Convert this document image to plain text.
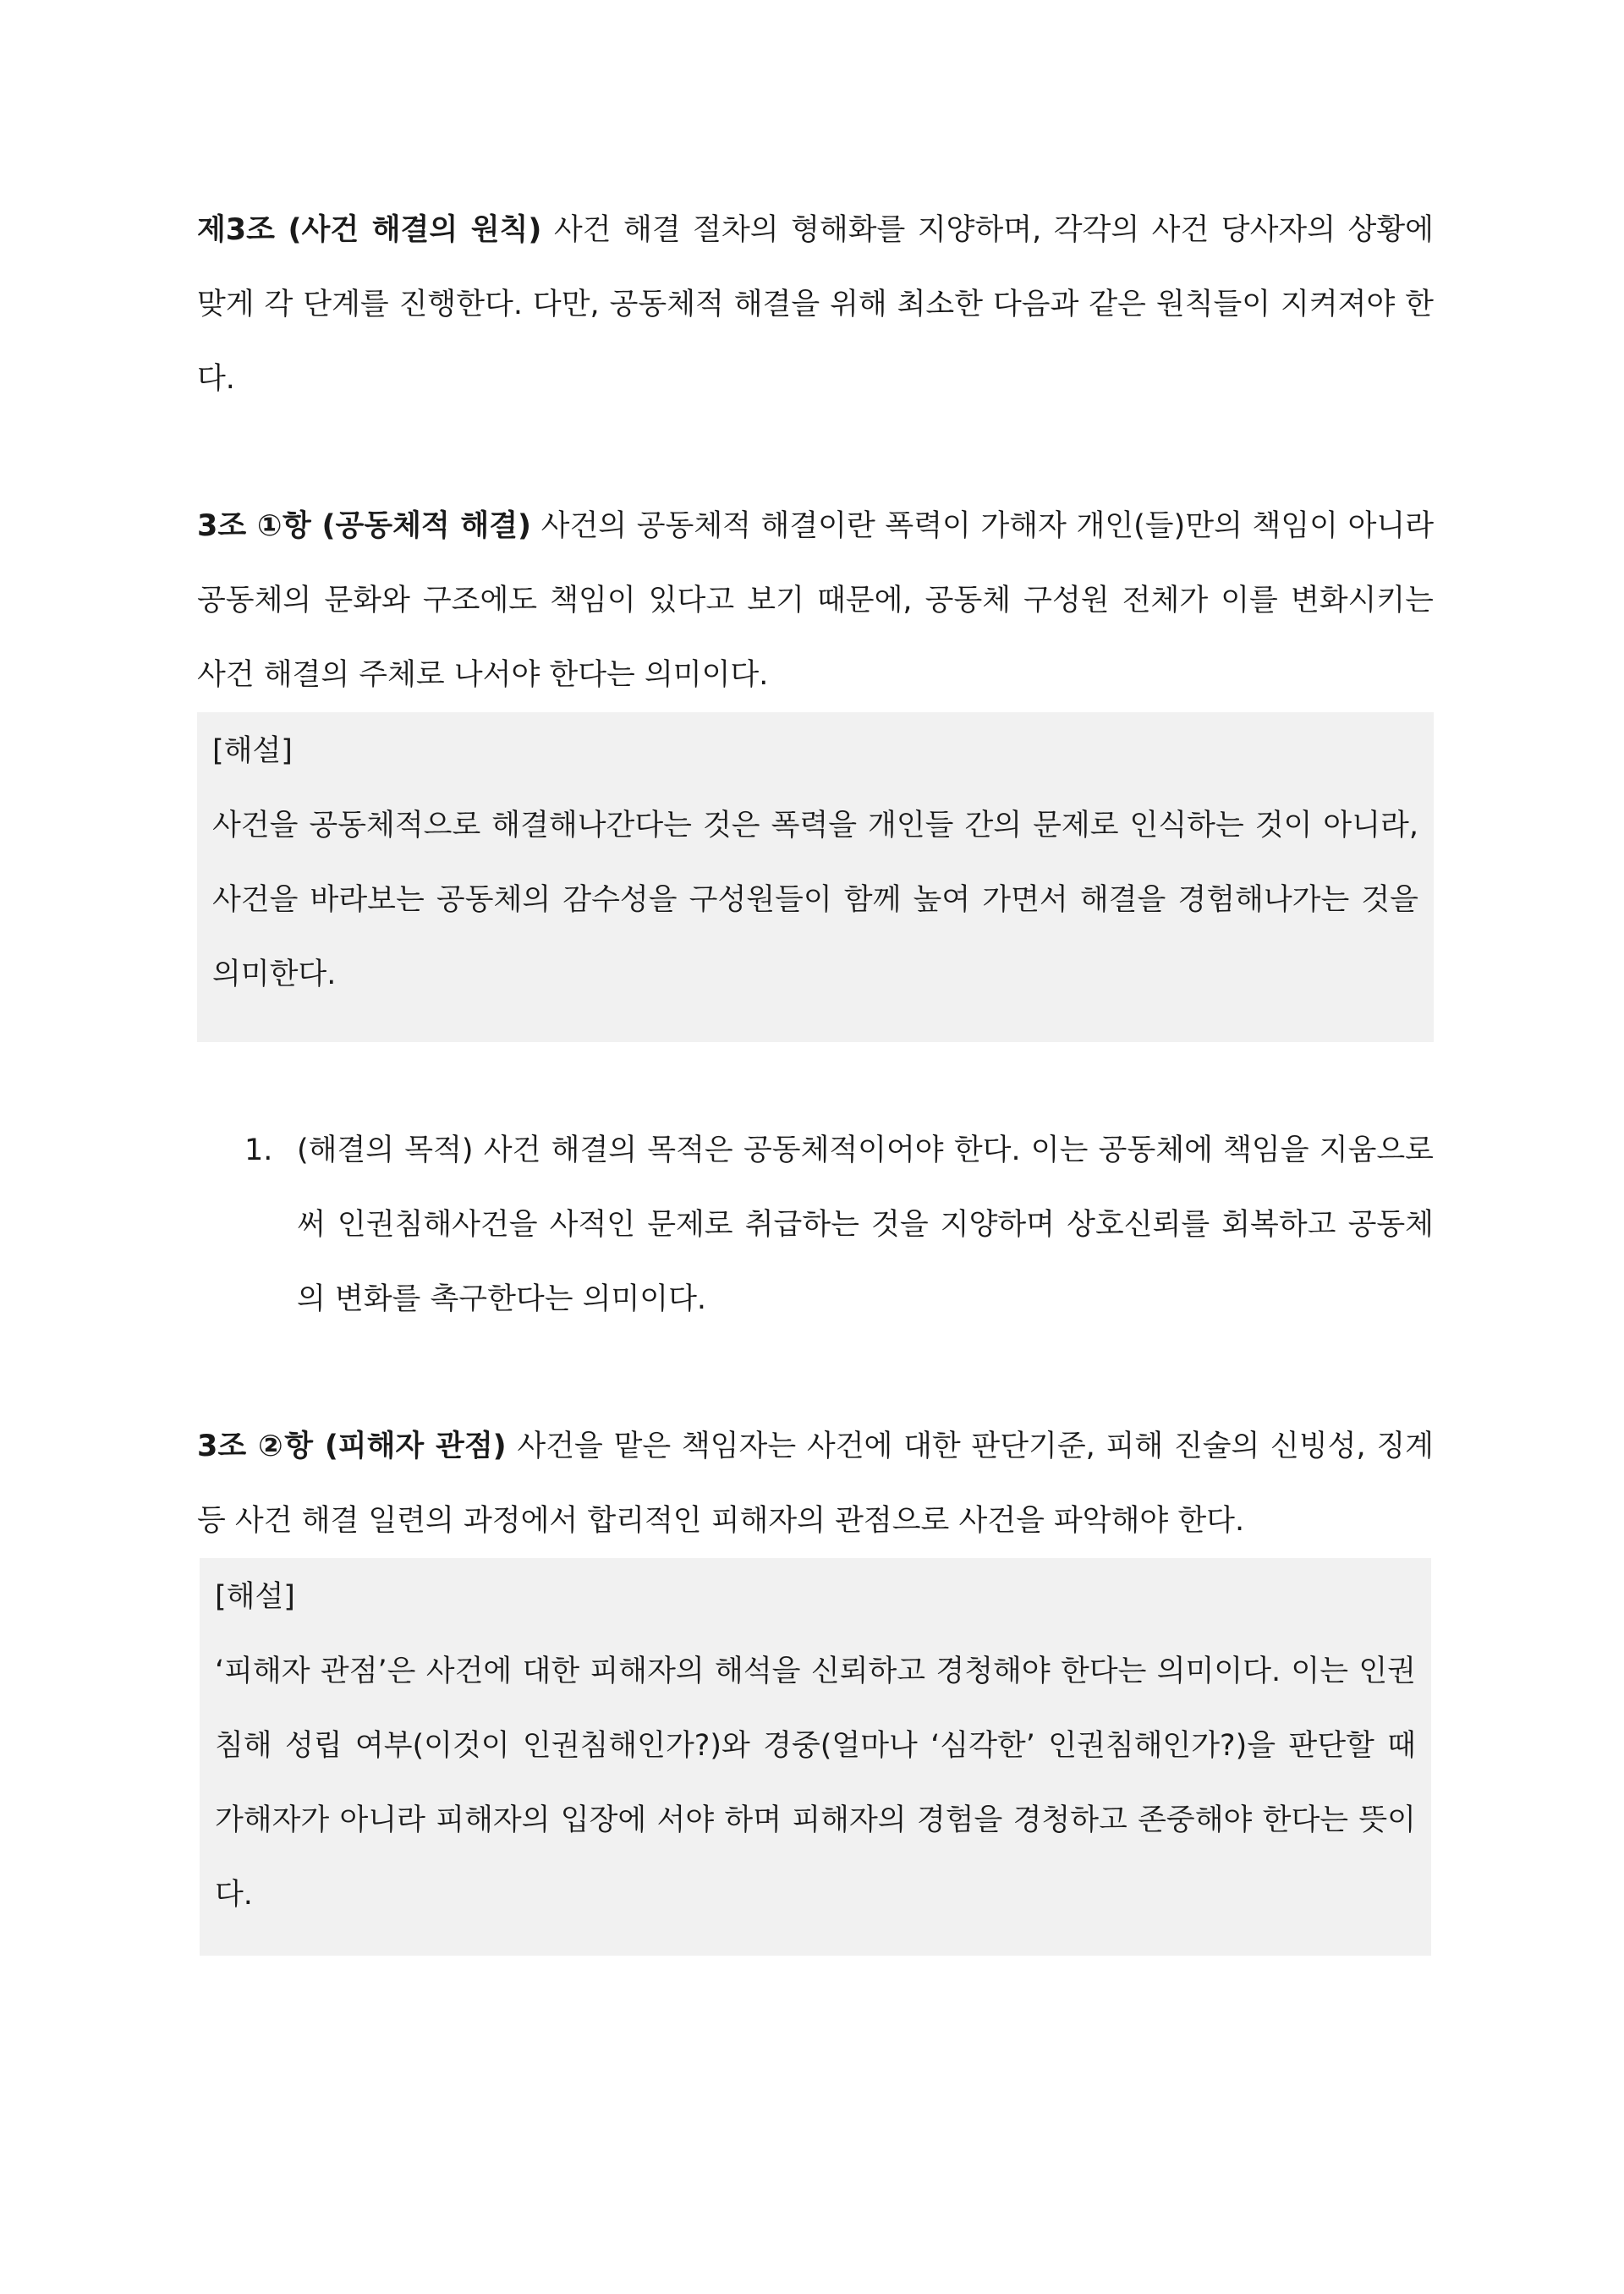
제3조 (사건 해결의 원칙) 사건 해결 절차의 형해화를 지양하며, 각각의 사건 당사자의 상황에 맞게 각 단계를 진행한다. 다만, 공동체적 해결을 위해 최소한 다음과 같은 원칙들이 지켜져야 한다.

3조 ①항 (공동체적 해결) 사건의 공동체적 해결이란 폭력이 가해자 개인(들)만의 책임이 아니라 공동체의 문화와 구조에도 책임이 있다고 보기 때문에, 공동체 구성원 전체가 이를 변화시키는 사건 해결의 주체로 나서야 한다는 의미이다.

[해설]
사건을 공동체적으로 해결해나간다는 것은 폭력을 개인들 간의 문제로 인식하는 것이 아니라, 사건을 바라보는 공동체의 감수성을 구성원들이 함께 높여 가면서 해결을 경험해나가는 것을 의미한다.
1. (해결의 목적) 사건 해결의 목적은 공동체적이어야 한다. 이는 공동체에 책임을 지움으로써 인권침해사건을 사적인 문제로 취급하는 것을 지양하며 상호신뢰를 회복하고 공동체의 변화를 촉구한다는 의미이다.

3조 ②항 (피해자 관점) 사건을 맡은 책임자는 사건에 대한 판단기준, 피해 진술의 신빙성, 징계 등 사건 해결 일련의 과정에서 합리적인 피해자의 관점으로 사건을 파악해야 한다.

[해설]
‘피해자 관점’은 사건에 대한 피해자의 해석을 신뢰하고 경청해야 한다는 의미이다. 이는 인권침해 성립 여부(이것이 인권침해인가?)와 경중(얼마나 ‘심각한’ 인권침해인가?)을 판단할 때 가해자가 아니라 피해자의 입장에 서야 하며 피해자의 경험을 경청하고 존중해야 한다는 뜻이다.
